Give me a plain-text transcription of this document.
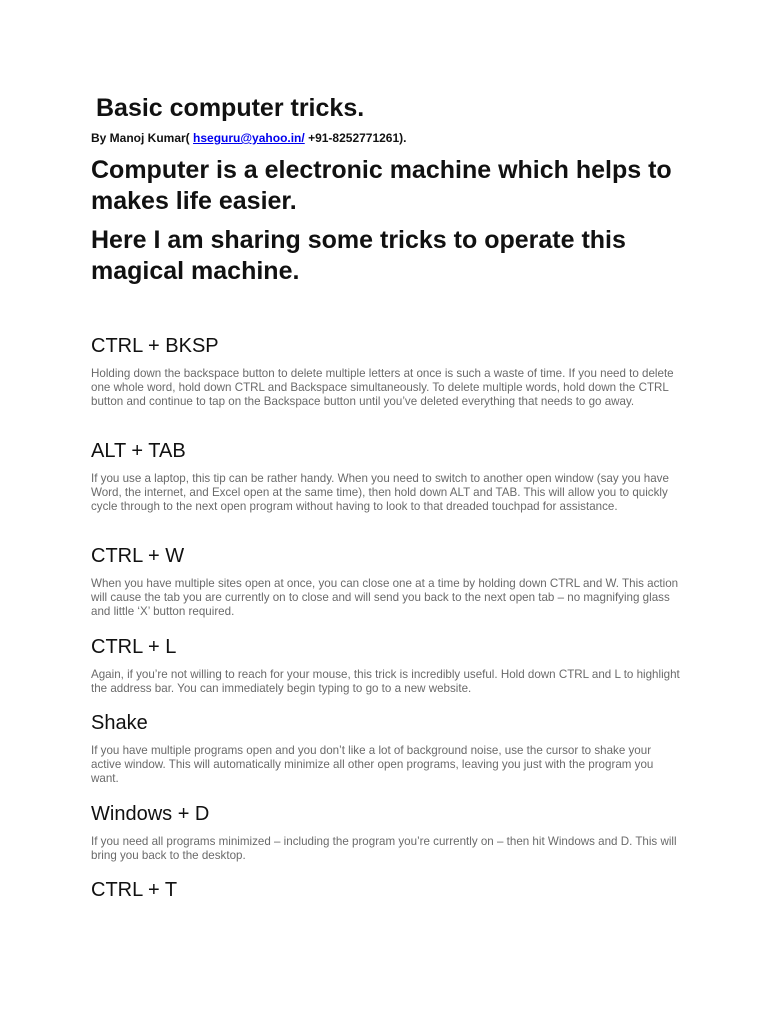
Basic computer tricks.

By Manoj Kumar( hseguru@yahoo.in/ +91-8252771261).

Computer is a electronic machine which helps to makes life easier.
Here I am sharing some tricks to operate this magical machine.
CTRL + BKSP

Holding down the backspace button to delete multiple letters at once is such a waste of time. If you need to delete one whole word, hold down CTRL and Backspace simultaneously. To delete multiple words, hold down the CTRL button and continue to tap on the Backspace button until you’ve deleted everything that needs to go away.

ALT + TAB

If you use a laptop, this tip can be rather handy. When you need to switch to another open window (say you have Word, the internet, and Excel open at the same time), then hold down ALT and TAB. This will allow you to quickly cycle through to the next open program without having to look to that dreaded touchpad for assistance.

CTRL + W

When you have multiple sites open at once, you can close one at a time by holding down CTRL and W. This action will cause the tab you are currently on to close and will send you back to the next open tab – no magnifying glass and little ‘X’ button required.

CTRL + L

Again, if you’re not willing to reach for your mouse, this trick is incredibly useful. Hold down CTRL and L to highlight the address bar. You can immediately begin typing to go to a new website.

Shake

If you have multiple programs open and you don’t like a lot of background noise, use the cursor to shake your active window. This will automatically minimize all other open programs, leaving you just with the program you want.

Windows + D

If you need all programs minimized – including the program you’re currently on – then hit Windows and D. This will bring you back to the desktop.

CTRL + T
